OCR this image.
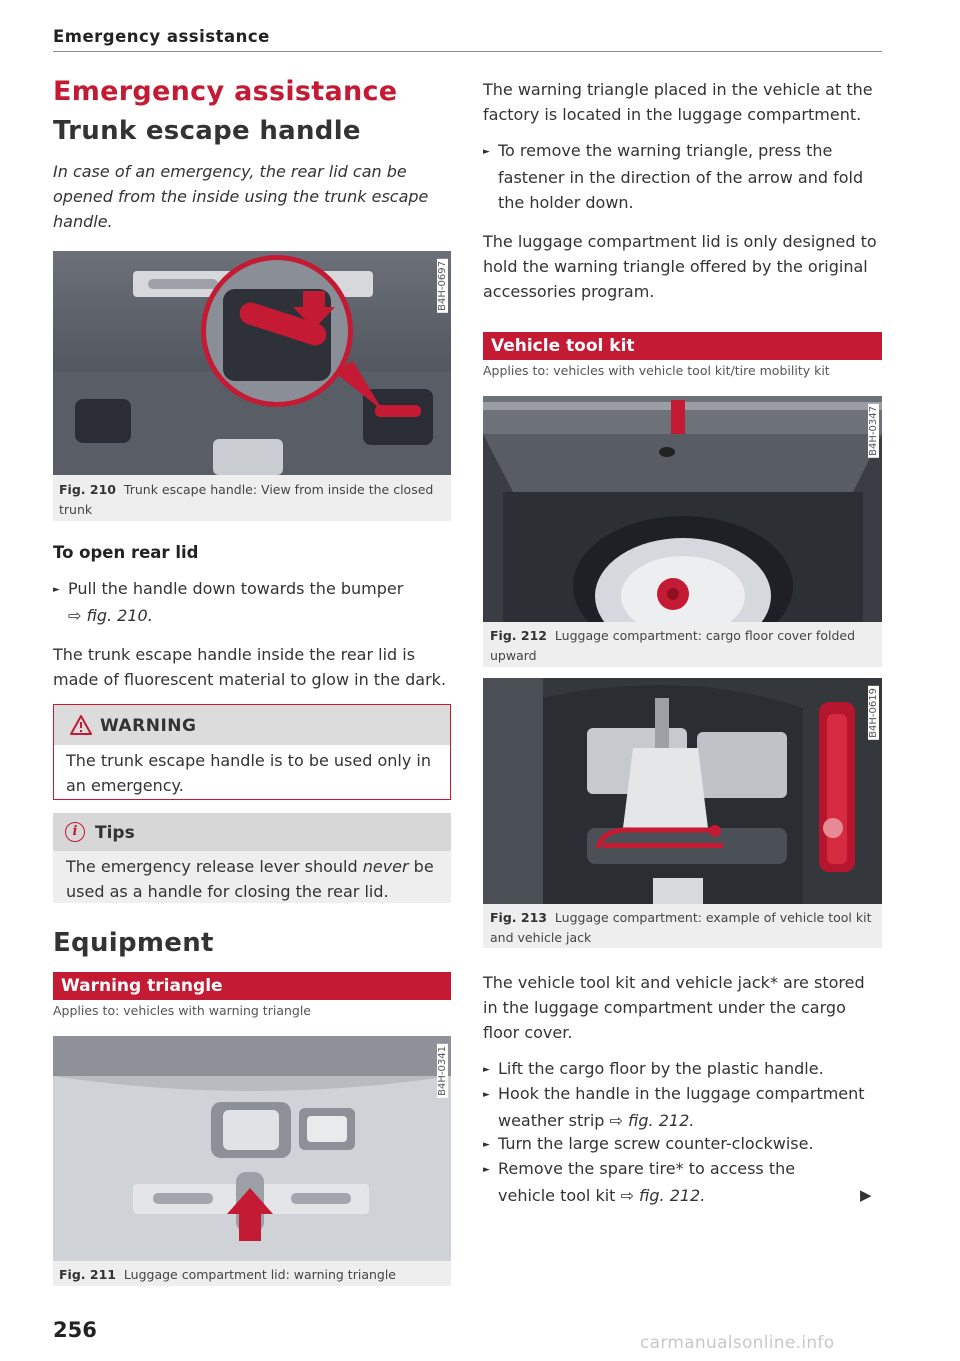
Emergency assistance
Emergency assistance
Trunk escape handle
In case of an emergency, the rear lid can be opened from the inside using the trunk escape handle.
B4H-0697
Fig. 210 Trunk escape handle: View from inside the closed trunk
To open rear lid
► Pull the handle down towards the bumper
⇨ fig. 210.
The trunk escape handle inside the rear lid is made of fluorescent material to glow in the dark.
WARNING
The trunk escape handle is to be used only in an emergency.
i	Tips
The emergency release lever should never be used as a handle for closing the rear lid.
Equipment
Warning triangle
Applies to: vehicles with warning triangle
B4H-0341
Fig. 211 Luggage compartment lid: warning triangle
The warning triangle placed in the vehicle at the factory is located in the luggage compartment.
► To remove the warning triangle, press the fastener in the direction of the arrow and fold the holder down.
The luggage compartment lid is only designed to hold the warning triangle offered by the original accessories program.
Vehicle tool kit
Applies to: vehicles with vehicle tool kit/tire mobility kit
B4H-0347
Fig. 212 Luggage compartment: cargo floor cover folded upward
B4H-0619
Fig. 213 Luggage compartment: example of vehicle tool kit and vehicle jack
The vehicle tool kit and vehicle jack* are stored in the luggage compartment under the cargo floor cover.
► Lift the cargo floor by the plastic handle.
► Hook the handle in the luggage compartment weather strip ⇨ fig. 212.
► Turn the large screw counter-clockwise.
► Remove the spare tire* to access the vehicle tool kit ⇨ fig. 212.	▶
256
carmanualsonline.info
